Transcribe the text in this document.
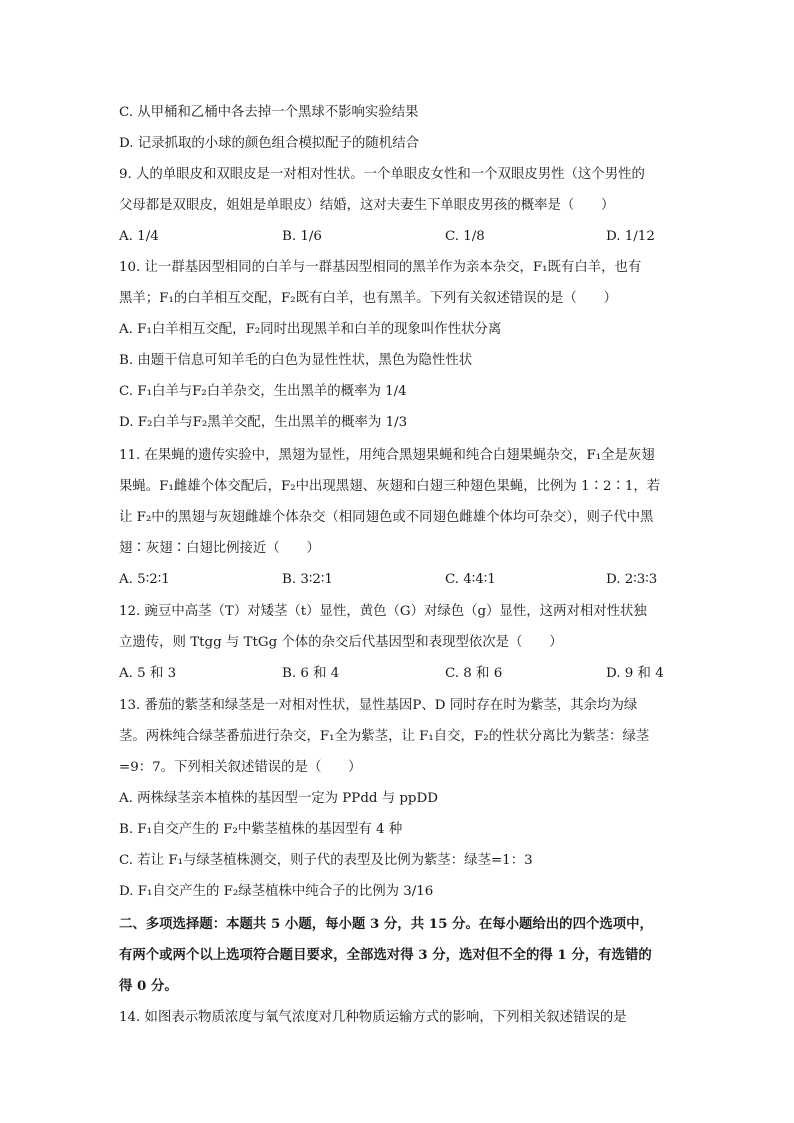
C. 从甲桶和乙桶中各去掉一个黑球不影响实验结果
D. 记录抓取的小球的颜色组合模拟配子的随机结合
9. 人的单眼皮和双眼皮是一对相对性状。一个单眼皮女性和一个双眼皮男性（这个男性的
父母都是双眼皮，姐姐是单眼皮）结婚，这对夫妻生下单眼皮男孩的概率是（　　）
A. 1/4	B. 1/6	C. 1/8	D. 1/12
10. 让一群基因型相同的白羊与一群基因型相同的黑羊作为亲本杂交，F₁既有白羊，也有
黑羊；F₁的白羊相互交配，F₂既有白羊，也有黑羊。下列有关叙述错误的是（　　）
A. F₁白羊相互交配，F₂同时出现黑羊和白羊的现象叫作性状分离
B. 由题干信息可知羊毛的白色为显性性状，黑色为隐性性状
C. F₁白羊与F₂白羊杂交，生出黑羊的概率为 1/4
D. F₂白羊与F₂黑羊交配，生出黑羊的概率为 1/3
11. 在果蝇的遗传实验中，黑翅为显性，用纯合黑翅果蝇和纯合白翅果蝇杂交，F₁全是灰翅
果蝇。F₁雌雄个体交配后，F₂中出现黑翅、灰翅和白翅三种翅色果蝇，比例为 1∶2∶1，若
让 F₂中的黑翅与灰翅雌雄个体杂交（相同翅色或不同翅色雌雄个体均可杂交），则子代中黑
翅∶灰翅∶白翅比例接近（　　）
A. 5∶2∶1	B. 3∶2∶1	C. 4∶4∶1	D. 2∶3∶3
12. 豌豆中高茎（T）对矮茎（t）显性，黄色（G）对绿色（g）显性，这两对相对性状独
立遗传，则 Ttgg 与 TtGg 个体的杂交后代基因型和表现型依次是（　　）
A. 5 和 3	B. 6 和 4	C. 8 和 6	D. 9 和 4
13. 番茄的紫茎和绿茎是一对相对性状，显性基因P、D 同时存在时为紫茎，其余均为绿
茎。两株纯合绿茎番茄进行杂交，F₁全为紫茎，让 F₁自交，F₂的性状分离比为紫茎：绿茎
=9：7。下列相关叙述错误的是（　　）
A. 两株绿茎亲本植株的基因型一定为 PPdd 与 ppDD
B. F₁自交产生的 F₂中紫茎植株的基因型有 4 种
C. 若让 F₁与绿茎植株测交，则子代的表型及比例为紫茎：绿茎=1：3
D. F₁自交产生的 F₂绿茎植株中纯合子的比例为 3/16
二、多项选择题：本题共 5 小题，每小题 3 分，共 15 分。在每小题给出的四个选项中，
有两个或两个以上选项符合题目要求，全部选对得 3 分，选对但不全的得 1 分，有选错的
得 0 分。
14. 如图表示物质浓度与氧气浓度对几种物质运输方式的影响，下列相关叙述错误的是
